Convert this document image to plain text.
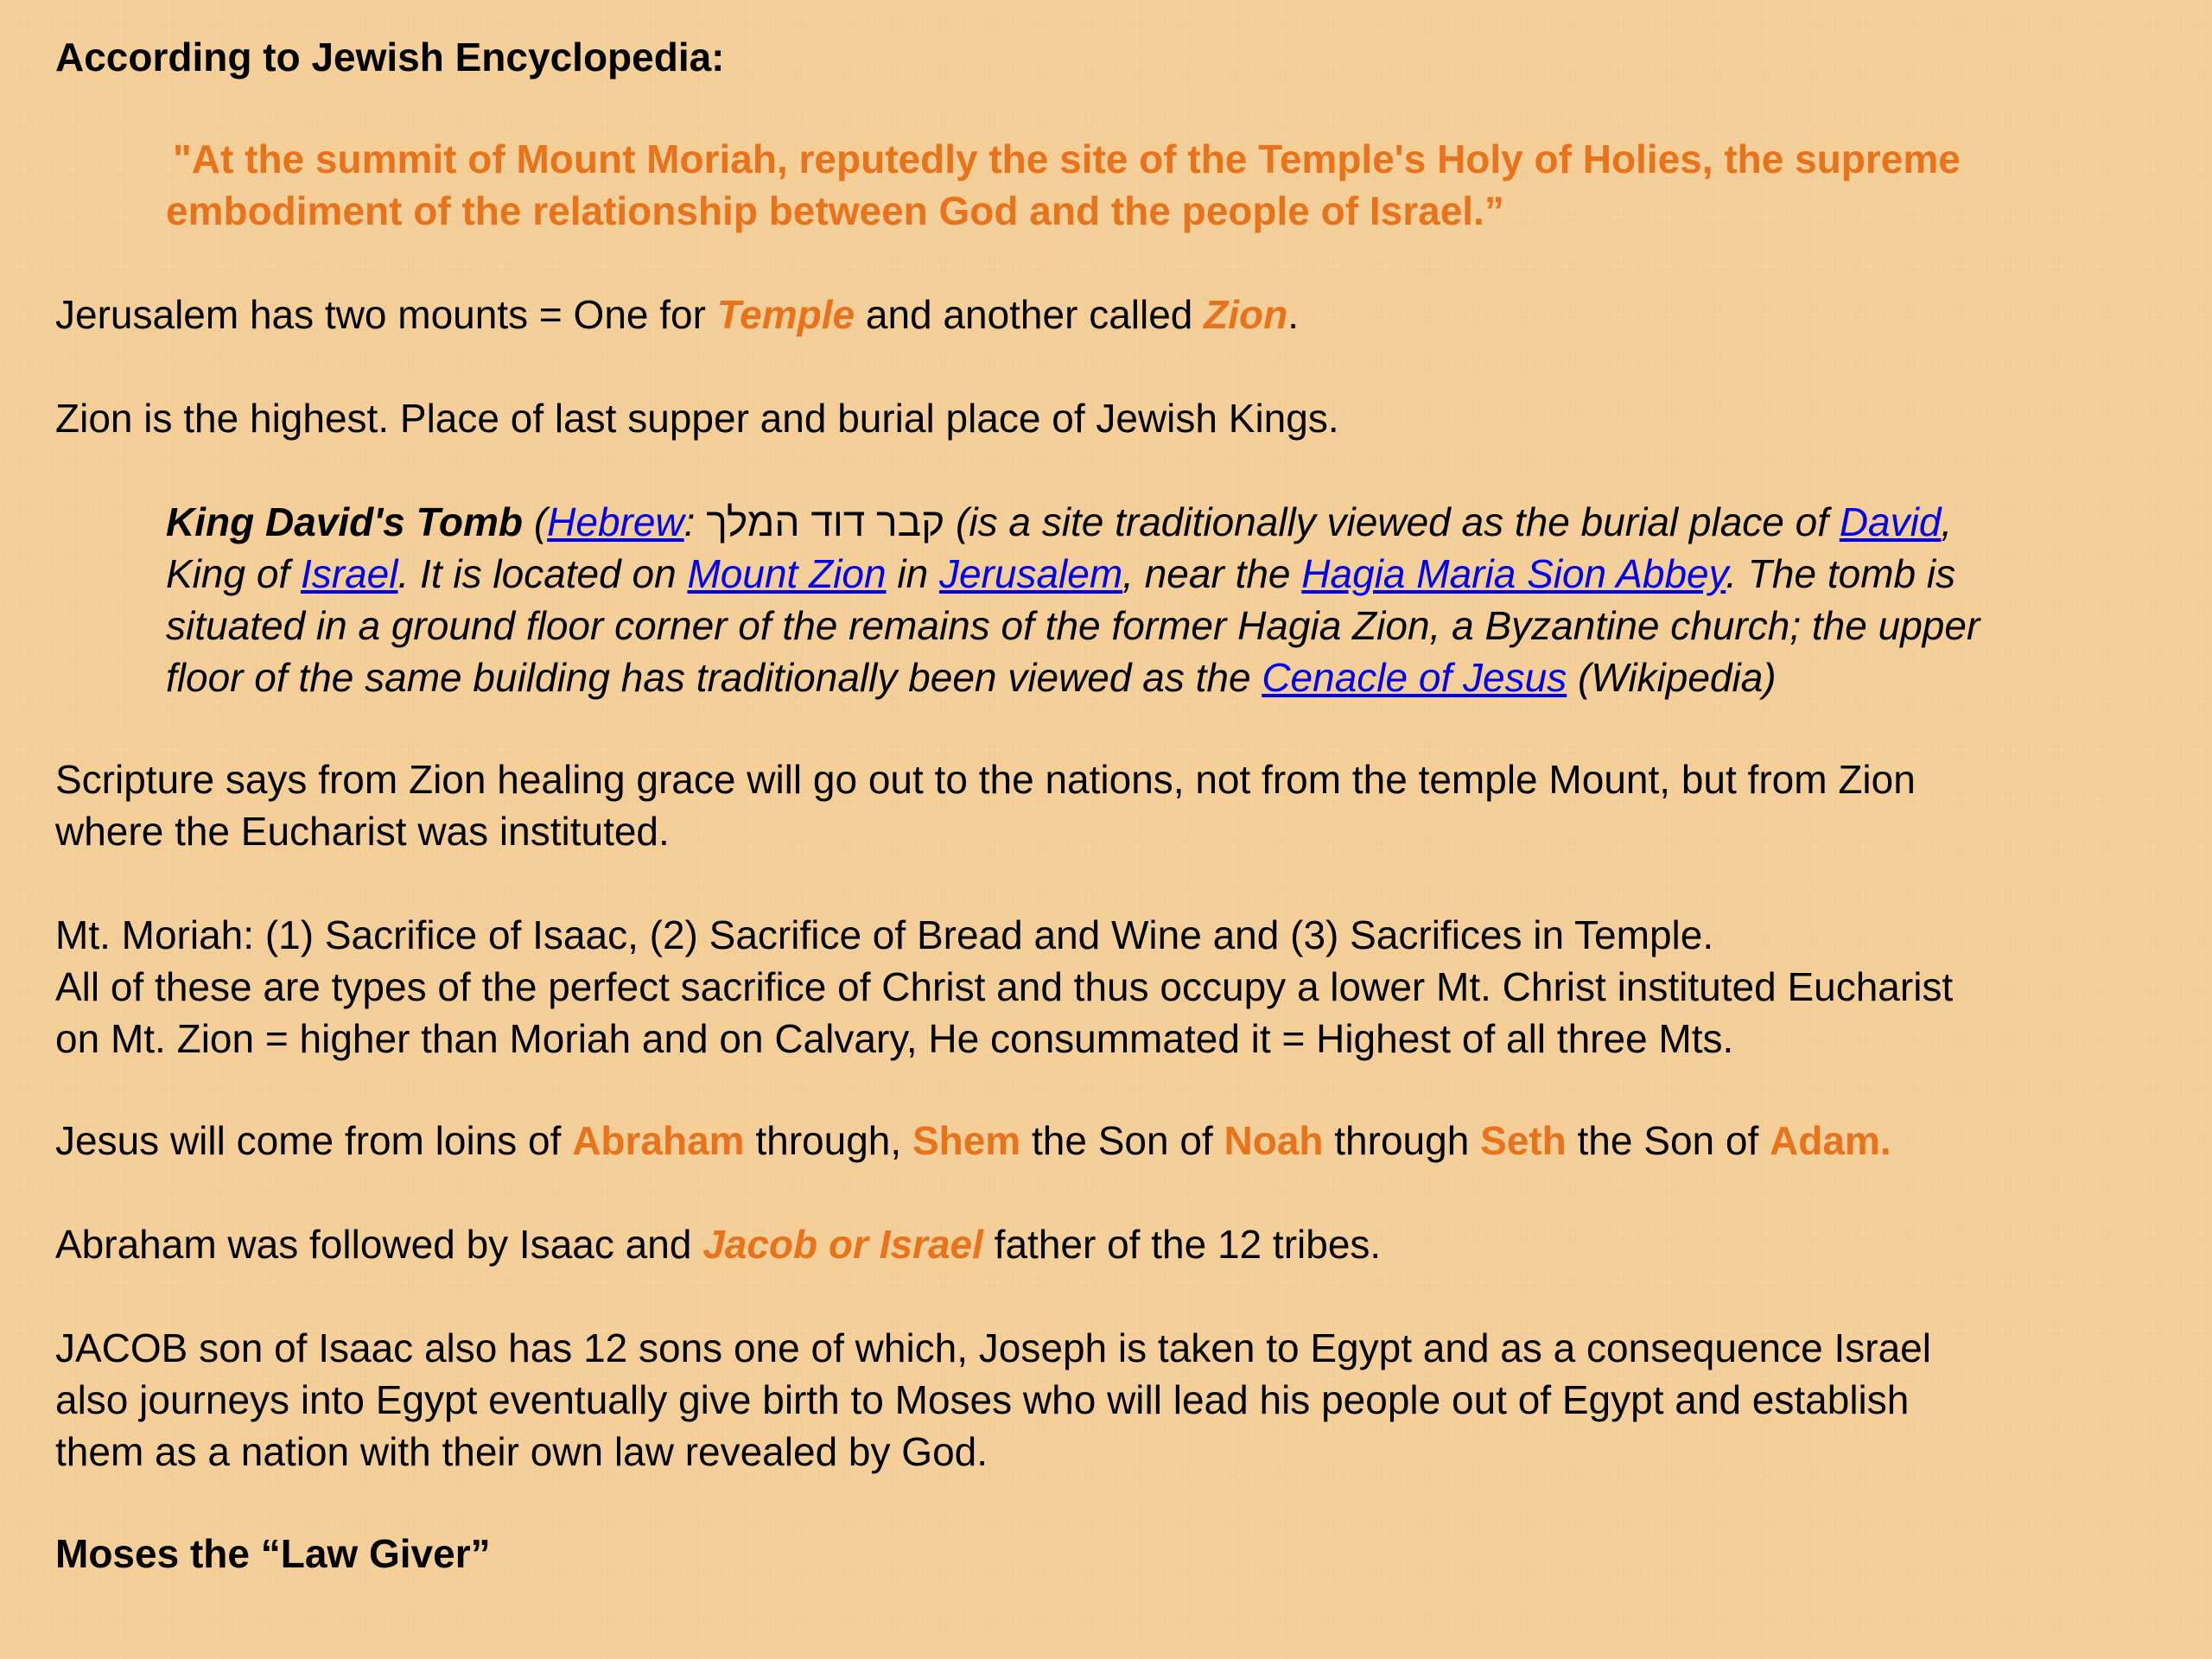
According to Jewish Encyclopedia:
"At the summit of Mount Moriah, reputedly the site of the Temple's Holy of Holies, the supreme
embodiment of the relationship between God and the people of Israel.”
Jerusalem has two mounts = One for Temple and another called Zion.
Zion is the highest. Place of last supper and burial place of Jewish Kings.
King David's Tomb (Hebrew: קבר דוד המלך (is a site traditionally viewed as the burial place of David,
King of Israel. It is located on Mount Zion in Jerusalem, near the Hagia Maria Sion Abbey. The tomb is
situated in a ground floor corner of the remains of the former Hagia Zion, a Byzantine church; the upper
floor of the same building has traditionally been viewed as the Cenacle of Jesus (Wikipedia)
Scripture says from Zion healing grace will go out to the nations, not from the temple Mount, but from Zion
where the Eucharist was instituted.
Mt. Moriah: (1) Sacrifice of Isaac, (2) Sacrifice of Bread and Wine and (3) Sacrifices in Temple.
All of these are types of the perfect sacrifice of Christ and thus occupy a lower Mt. Christ instituted Eucharist
on Mt. Zion = higher than Moriah and on Calvary, He consummated it = Highest of all three Mts.
Jesus will come from loins of Abraham through, Shem the Son of Noah through Seth the Son of Adam.
Abraham was followed by Isaac and Jacob or Israel father of the 12 tribes.
JACOB son of Isaac also has 12 sons one of which, Joseph is taken to Egypt and as a consequence Israel
also journeys into Egypt eventually give birth to Moses who will lead his people out of Egypt and establish
them as a nation with their own law revealed by God.
Moses the “Law Giver”
